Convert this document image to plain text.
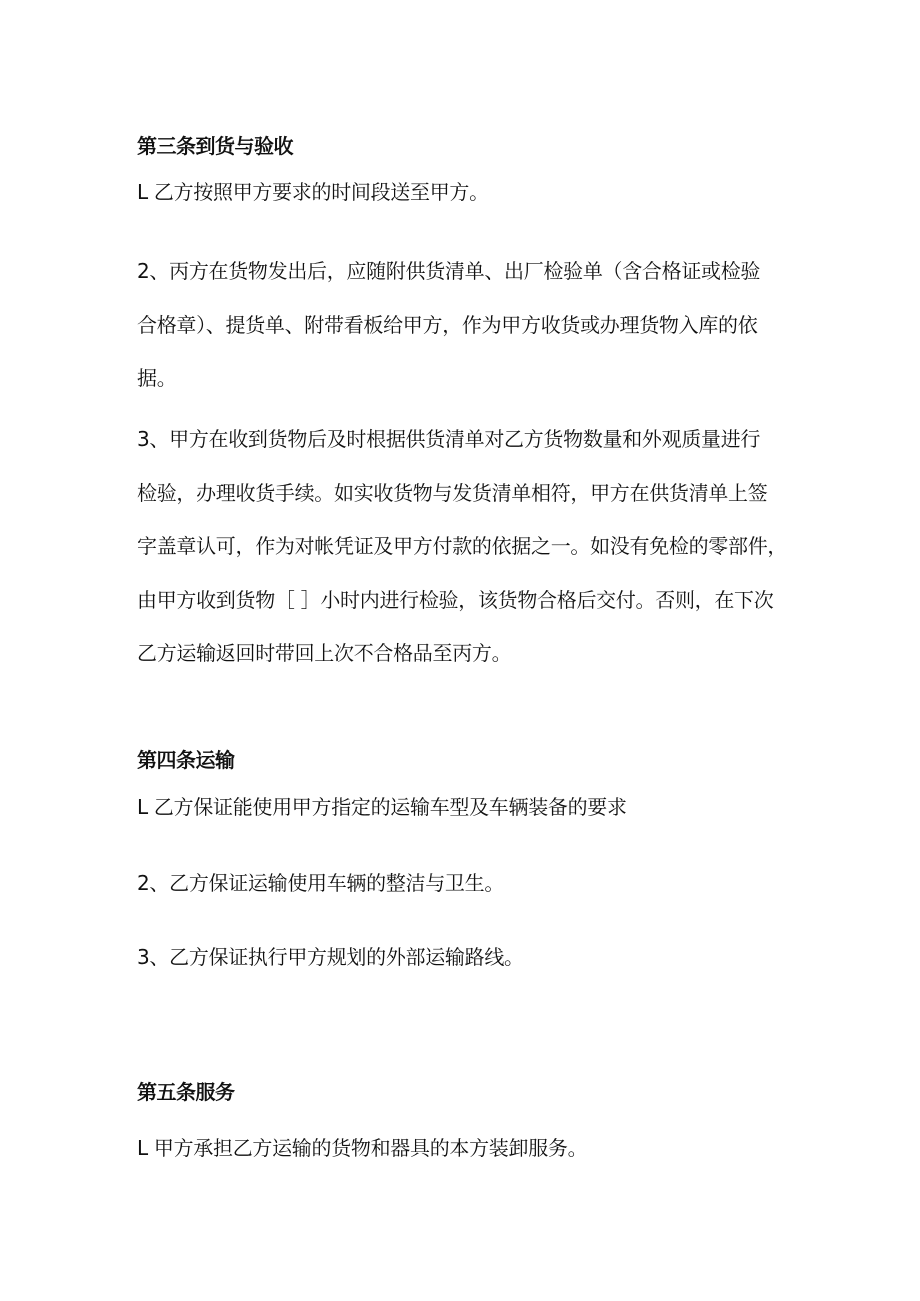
第三条到货与验收
L 乙方按照甲方要求的时间段送至甲方。
2、丙方在货物发出后，应随附供货清单、出厂检验单（含合格证或检验
合格章）、提货单、附带看板给甲方，作为甲方收货或办理货物入库的依
据。
3、甲方在收到货物后及时根据供货清单对乙方货物数量和外观质量进行
检验，办理收货手续。如实收货物与发货清单相符，甲方在供货清单上签
字盖章认可，作为对帐凭证及甲方付款的依据之一。如没有免检的零部件，
由甲方收到货物［ ］小时内进行检验，该货物合格后交付。否则，在下次
乙方运输返回时带回上次不合格品至丙方。
第四条运输
L 乙方保证能使用甲方指定的运输车型及车辆装备的要求
2、乙方保证运输使用车辆的整洁与卫生。
3、乙方保证执行甲方规划的外部运输路线。
第五条服务
L 甲方承担乙方运输的货物和器具的本方装卸服务。
